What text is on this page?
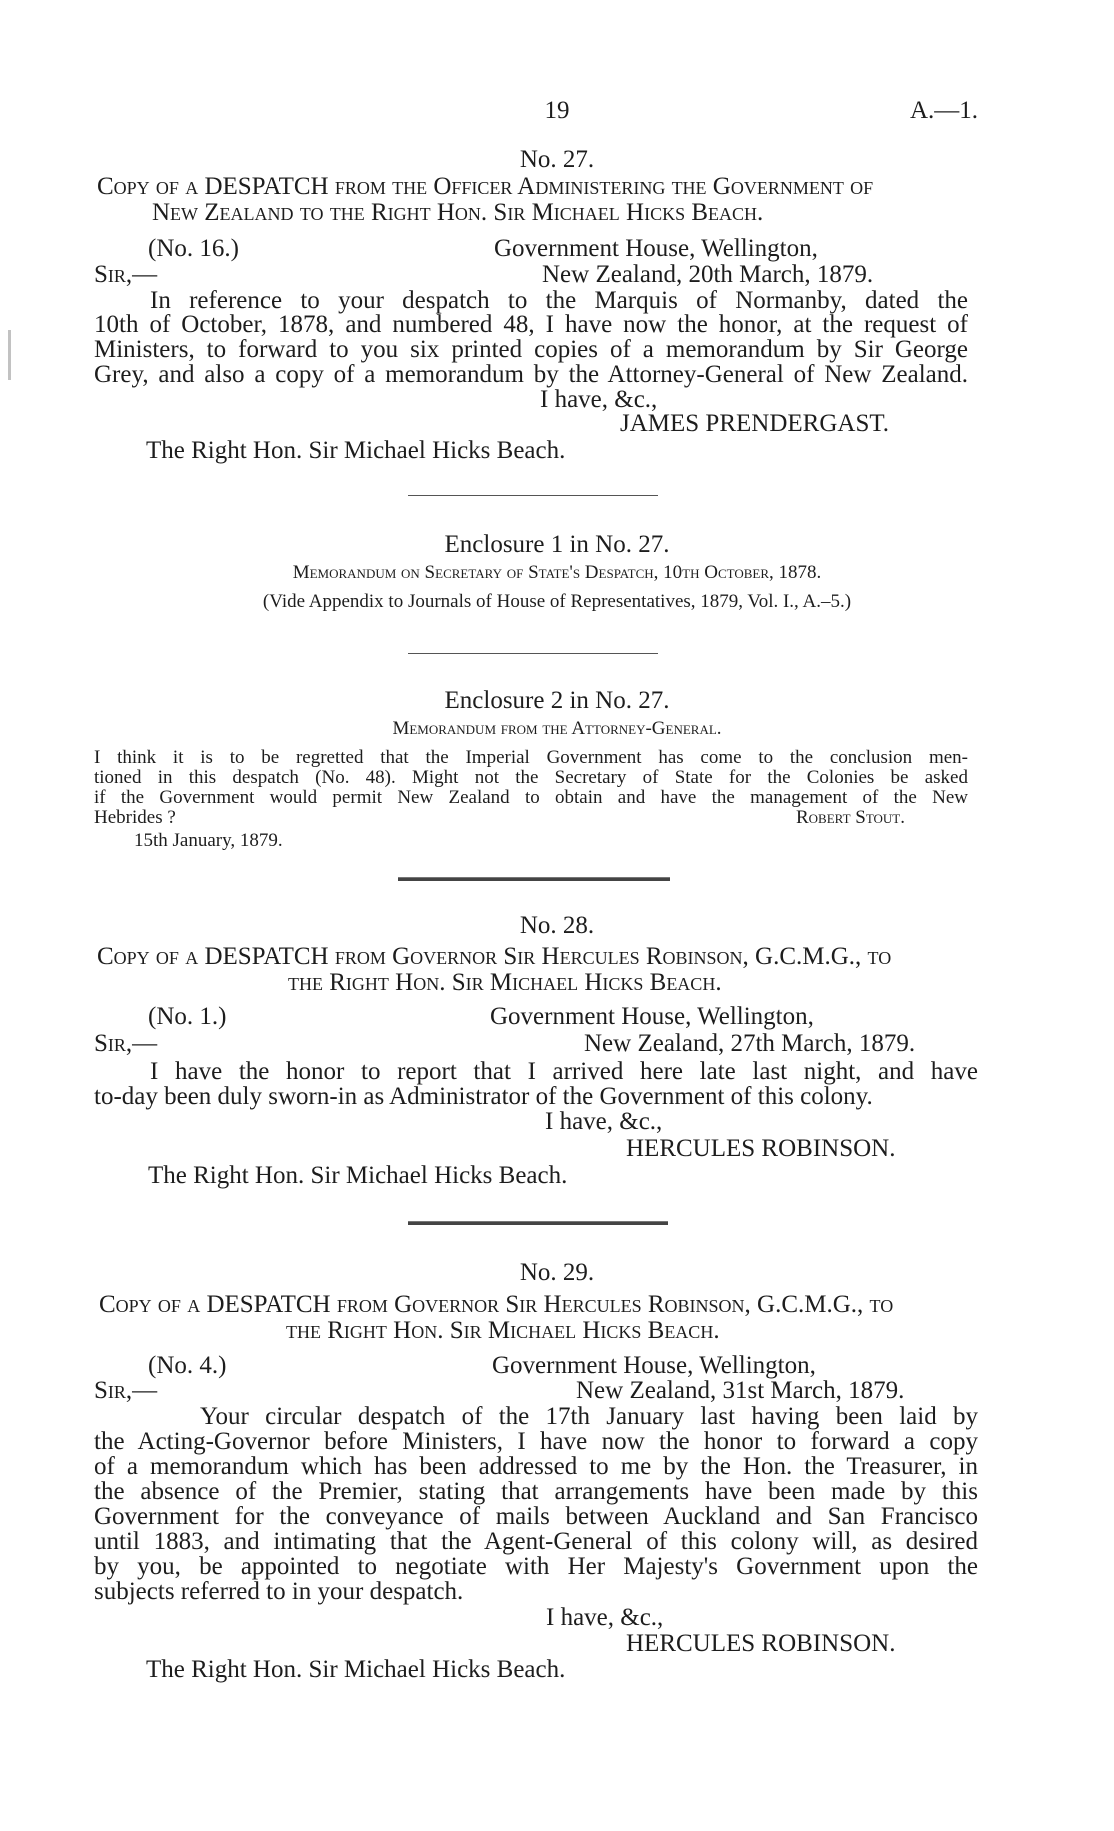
19	A.—1.
No. 27.
Copy of a DESPATCH from the Officer Administering the Government of
New Zealand to the Right Hon. Sir Michael Hicks Beach.
(No. 16.)	Government House, Wellington,
Sir,—	New Zealand, 20th March, 1879.
In reference to your despatch to the Marquis of Normanby, dated the
10th of October, 1878, and numbered 48, I have now the honor, at the request of
Ministers, to forward to you six printed copies of a memorandum by Sir George
Grey, and also a copy of a memorandum by the Attorney-General of New Zealand.
I have, &c.,
JAMES PRENDERGAST.
The Right Hon. Sir Michael Hicks Beach.
Enclosure 1 in No. 27.
Memorandum on Secretary of State's Despatch, 10th October, 1878.
(Vide Appendix to Journals of House of Representatives, 1879, Vol. I., A.–5.)
Enclosure 2 in No. 27.
Memorandum from the Attorney-General.
I think it is to be regretted that the Imperial Government has come to the conclusion men-
tioned in this despatch (No. 48). Might not the Secretary of State for the Colonies be asked
if the Government would permit New Zealand to obtain and have the management of the New
Hebrides ?	Robert Stout.
15th January, 1879.
No. 28.
Copy of a DESPATCH from Governor Sir Hercules Robinson, G.C.M.G., to
the Right Hon. Sir Michael Hicks Beach.
(No. 1.)	Government House, Wellington,
Sir,—	New Zealand, 27th March, 1879.
I have the honor to report that I arrived here late last night, and have
to-day been duly sworn-in as Administrator of the Government of this colony.
I have, &c.,
HERCULES ROBINSON.
The Right Hon. Sir Michael Hicks Beach.
No. 29.
Copy of a DESPATCH from Governor Sir Hercules Robinson, G.C.M.G., to
the Right Hon. Sir Michael Hicks Beach.
(No. 4.)	Government House, Wellington,
Sir,—	New Zealand, 31st March, 1879.
Your circular despatch of the 17th January last having been laid by
the Acting-Governor before Ministers, I have now the honor to forward a copy
of a memorandum which has been addressed to me by the Hon. the Treasurer, in
the absence of the Premier, stating that arrangements have been made by this
Government for the conveyance of mails between Auckland and San Francisco
until 1883, and intimating that the Agent-General of this colony will, as desired
by you, be appointed to negotiate with Her Majesty's Government upon the
subjects referred to in your despatch.
I have, &c.,
HERCULES ROBINSON.
The Right Hon. Sir Michael Hicks Beach.
